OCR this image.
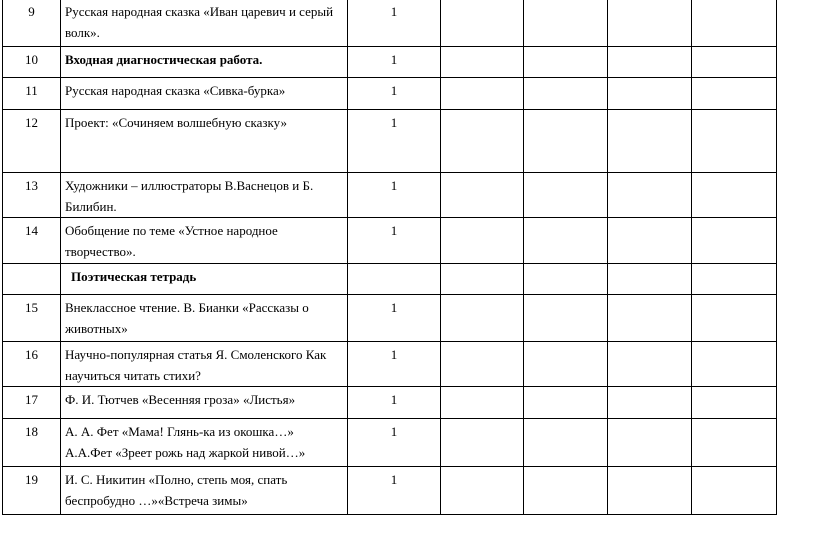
9	Русская народная сказка «Иван царевич и серый волк».	1				
10	Входная диагностическая работа.	1				
11	Русская народная сказка «Сивка-бурка»	1				
12	Проект: «Сочиняем волшебную сказку»	1				
13	Художники – иллюстраторы В.Васнецов и Б. Билибин.	1				
14	Обобщение по теме «Устное народное творчество».	1				
	Поэтическая тетрадь					
15	Внеклассное чтение. В. Бианки «Рассказы о животных»	1				
16	Научно-популярная статья Я. Смоленского Как научиться читать стихи?	1				
17	Ф. И. Тютчев «Весенняя гроза» «Листья»	1				
18	А. А. Фет «Мама! Глянь-ка из окошка…» А.А.Фет «Зреет рожь над жаркой нивой…»	1				
19	И. С. Никитин «Полно, степь моя, спать беспробудно …»«Встреча зимы»	1				
